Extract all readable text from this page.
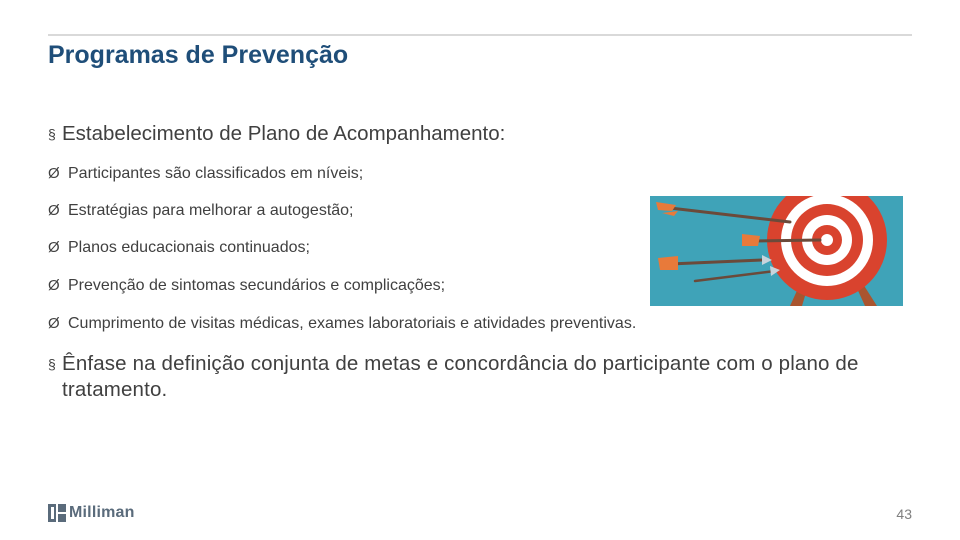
Programas de Prevenção
§ Estabelecimento de Plano de Acompanhamento:
Ø Participantes são classificados em níveis;
Ø Estratégias para melhorar a autogestão;
Ø Planos educacionais continuados;
Ø Prevenção de sintomas secundários e complicações;
Ø Cumprimento de visitas médicas, exames laboratoriais e atividades preventivas.
§ Ênfase na definição conjunta de metas e concordância do participante com o plano de tratamento.
Milliman	43
